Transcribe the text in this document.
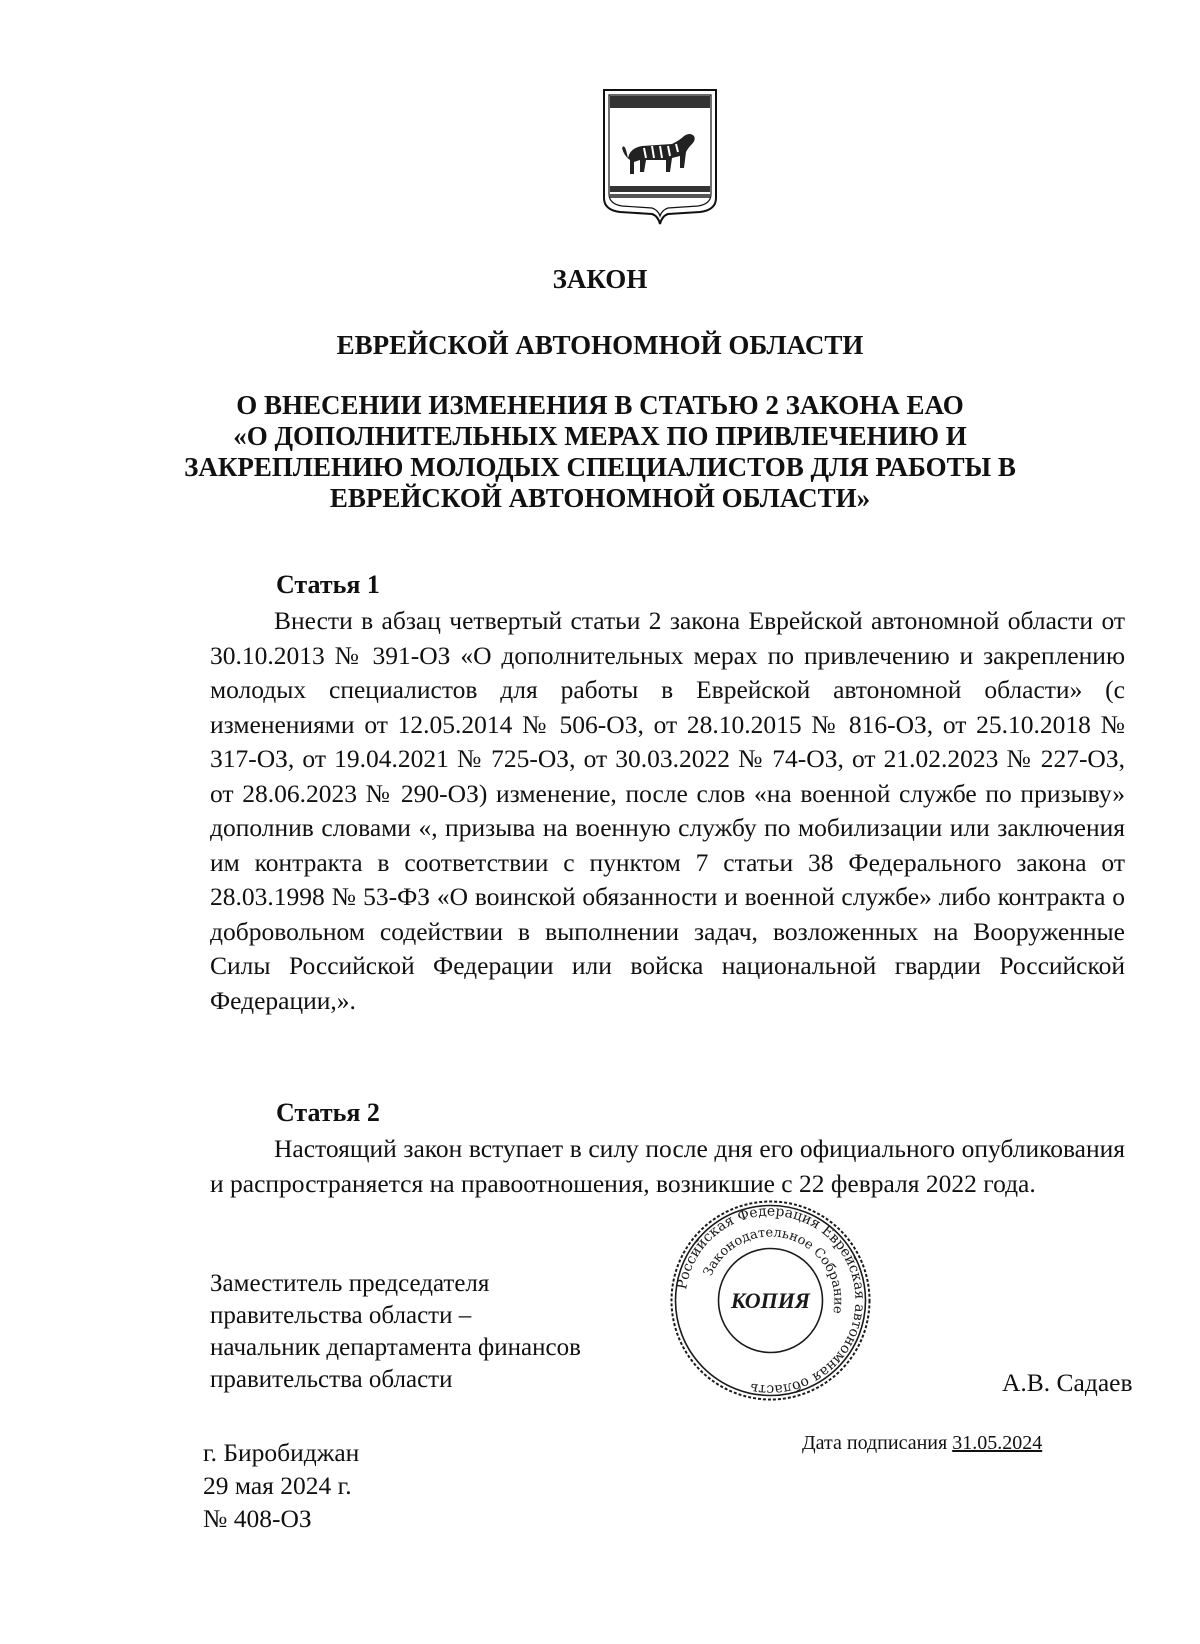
ЗАКОН
ЕВРЕЙСКОЙ АВТОНОМНОЙ ОБЛАСТИ
О ВНЕСЕНИИ ИЗМЕНЕНИЯ В СТАТЬЮ 2 ЗАКОНА ЕАО
«О ДОПОЛНИТЕЛЬНЫХ МЕРАХ ПО ПРИВЛЕЧЕНИЮ И
ЗАКРЕПЛЕНИЮ МОЛОДЫХ СПЕЦИАЛИСТОВ ДЛЯ РАБОТЫ В
ЕВРЕЙСКОЙ АВТОНОМНОЙ ОБЛАСТИ»
Статья 1

Внести в абзац четвертый статьи 2 закона Еврейской автономной области от 30.10.2013 № 391-ОЗ «О дополнительных мерах по привлечению и закреплению молодых специалистов для работы в Еврейской автономной области» (с изменениями от 12.05.2014 № 506-ОЗ, от 28.10.2015 № 816-ОЗ, от 25.10.2018 № 317-ОЗ, от 19.04.2021 № 725-ОЗ, от 30.03.2022 № 74-ОЗ, от 21.02.2023 № 227-ОЗ, от 28.06.2023 № 290-ОЗ) изменение, после слов «на военной службе по призыву» дополнив словами «, призыва на военную службу по мобилизации или заключения им контракта в соответствии с пунктом 7 статьи 38 Федерального закона от 28.03.1998 № 53-ФЗ «О воинской обязанности и военной службе» либо контракта о добровольном содействии в выполнении задач, возложенных на Вооруженные Силы Российской Федерации или войска национальной гвардии Российской Федерации,».

Статья 2

Настоящий закон вступает в силу после дня его официального опубликования и распространяется на правоотношения, возникшие с 22 февраля 2022 года.

Заместитель председателя
правительства области –
начальник департамента финансов
правительства области
Российская Федерация Еврейская автономная область
Законодательное Собрание
КОПИЯ
А.В. Садаев
Дата подписания 31.05.2024
г. Биробиджан
29 мая 2024 г.
№ 408-ОЗ
